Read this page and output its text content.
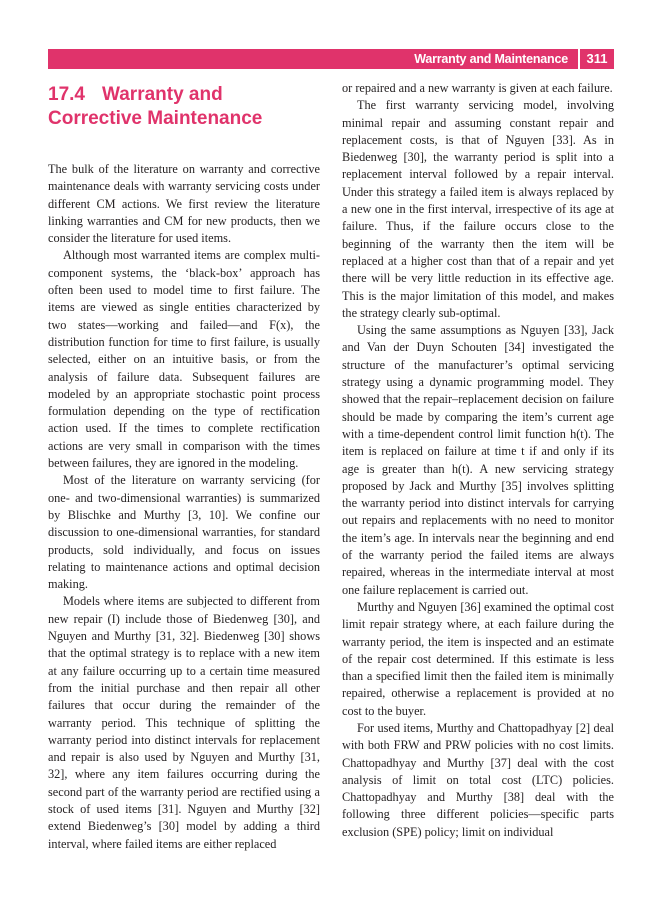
Warranty and Maintenance	311
17.4 Warranty and Corrective Maintenance

The bulk of the literature on warranty and corrective maintenance deals with warranty servicing costs under different CM actions. We first review the literature linking warranties and CM for new products, then we consider the literature for used items.

Although most warranted items are complex multi-component systems, the ‘black-box’ approach has often been used to model time to first failure. The items are viewed as single entities characterized by two states—working and failed—and F(x), the distribution function for time to first failure, is usually selected, either on an intuitive basis, or from the analysis of failure data. Subsequent failures are modeled by an appropriate stochastic point process formulation depending on the type of rectification action used. If the times to complete rectification actions are very small in comparison with the times between failures, they are ignored in the modeling.

Most of the literature on warranty servicing (for one- and two-dimensional warranties) is summarized by Blischke and Murthy [3, 10]. We confine our discussion to one-dimensional warranties, for standard products, sold individually, and focus on issues relating to maintenance actions and optimal decision making.

Models where items are subjected to different from new repair (I) include those of Biedenweg [30], and Nguyen and Murthy [31, 32]. Biedenweg [30] shows that the optimal strategy is to replace with a new item at any failure occurring up to a certain time measured from the initial purchase and then repair all other failures that occur during the remainder of the warranty period. This technique of splitting the warranty period into distinct intervals for replacement and repair is also used by Nguyen and Murthy [31, 32], where any item failures occurring during the second part of the warranty period are rectified using a stock of used items [31]. Nguyen and Murthy [32] extend Biedenweg’s [30] model by adding a third interval, where failed items are either replaced

or repaired and a new warranty is given at each failure.

The first warranty servicing model, involving minimal repair and assuming constant repair and replacement costs, is that of Nguyen [33]. As in Biedenweg [30], the warranty period is split into a replacement interval followed by a repair interval. Under this strategy a failed item is always replaced by a new one in the first interval, irrespective of its age at failure. Thus, if the failure occurs close to the beginning of the warranty then the item will be replaced at a higher cost than that of a repair and yet there will be very little reduction in its effective age. This is the major limitation of this model, and makes the strategy clearly sub-optimal.

Using the same assumptions as Nguyen [33], Jack and Van der Duyn Schouten [34] investigated the structure of the manufacturer’s optimal servicing strategy using a dynamic programming model. They showed that the repair–replacement decision on failure should be made by comparing the item’s current age with a time-dependent control limit function h(t). The item is replaced on failure at time t if and only if its age is greater than h(t). A new servicing strategy proposed by Jack and Murthy [35] involves splitting the warranty period into distinct intervals for carrying out repairs and replacements with no need to monitor the item’s age. In intervals near the beginning and end of the warranty period the failed items are always repaired, whereas in the intermediate interval at most one failure replacement is carried out.

Murthy and Nguyen [36] examined the optimal cost limit repair strategy where, at each failure during the warranty period, the item is inspected and an estimate of the repair cost determined. If this estimate is less than a specified limit then the failed item is minimally repaired, otherwise a replacement is provided at no cost to the buyer.

For used items, Murthy and Chattopadhyay [2] deal with both FRW and PRW policies with no cost limits. Chattopadhyay and Murthy [37] deal with the cost analysis of limit on total cost (LTC) policies. Chattopadhyay and Murthy [38] deal with the following three different policies—specific parts exclusion (SPE) policy; limit on individual
